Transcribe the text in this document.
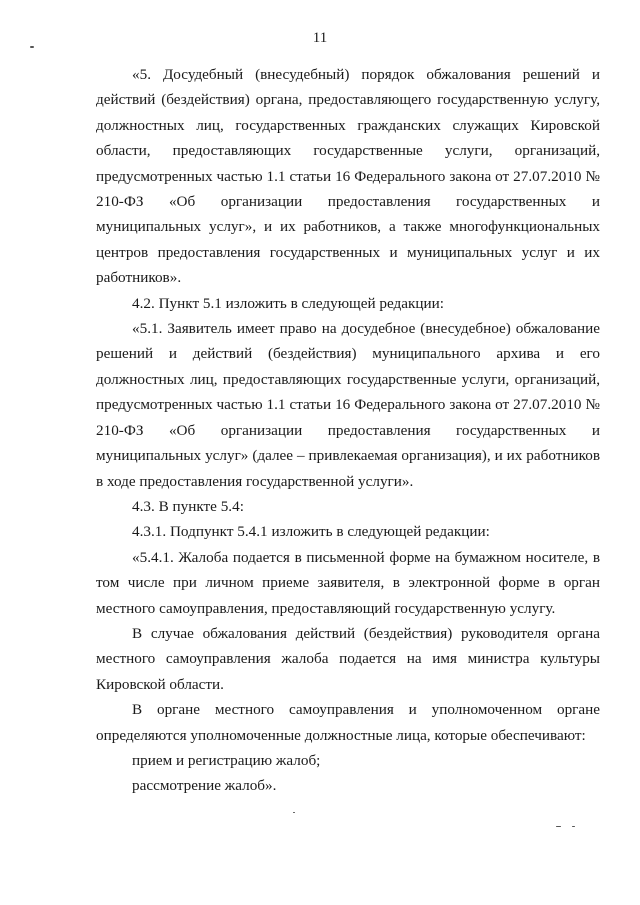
11

«5. Досудебный (внесудебный) порядок обжалования решений и действий (бездействия) органа, предоставляющего государственную услугу, должностных лиц, государственных гражданских служащих Кировской области, предоставляющих государственные услуги, организаций, предусмотренных частью 1.1 статьи 16 Федерального закона от 27.07.2010 № 210-ФЗ «Об организации предоставления государственных и муниципальных услуг», и их работников, а также многофункциональных центров предоставления государственных и муниципальных услуг и их работников».

4.2. Пункт 5.1 изложить в следующей редакции:

«5.1. Заявитель имеет право на досудебное (внесудебное) обжалование решений и действий (бездействия) муниципального архива и его должностных лиц, предоставляющих государственные услуги, организаций, предусмотренных частью 1.1 статьи 16 Федерального закона от 27.07.2010 № 210-ФЗ «Об организации предоставления государственных и муниципальных услуг» (далее – привлекаемая организация), и их работников в ходе предоставления государственной услуги».

4.3. В пункте 5.4:

4.3.1. Подпункт 5.4.1 изложить в следующей редакции:

«5.4.1. Жалоба подается в письменной форме на бумажном носителе, в том числе при личном приеме заявителя, в электронной форме в орган местного самоуправления, предоставляющий государственную услугу.

В случае обжалования действий (бездействия) руководителя органа местного самоуправления жалоба подается на имя министра культуры Кировской области.

В органе местного самоуправления и уполномоченном органе определяются уполномоченные должностные лица, которые обеспечивают:

прием и регистрацию жалоб;

рассмотрение жалоб».
